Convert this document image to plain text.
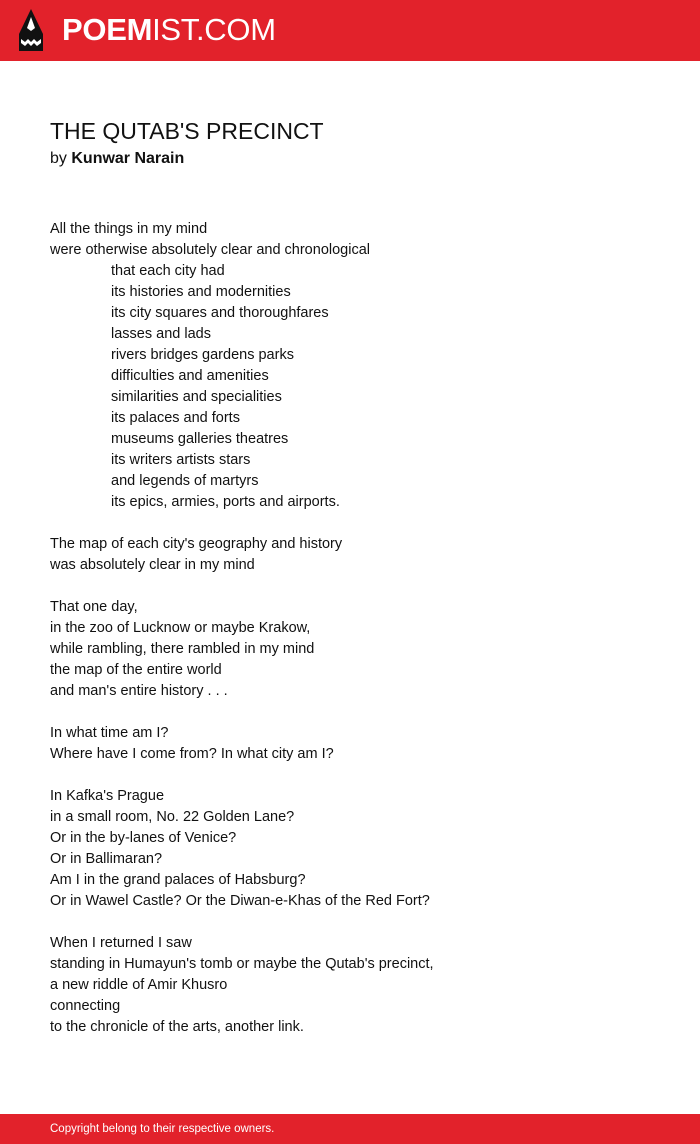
POEMIST.COM
THE QUTAB'S PRECINCT
by Kunwar Narain
All the things in my mind
were otherwise absolutely clear and chronological
that each city had
its histories and modernities
its city squares and thoroughfares
lasses and lads
rivers bridges gardens parks
difficulties and amenities
similarities and specialities
its palaces and forts
museums galleries theatres
its writers artists stars
and legends of martyrs
its epics, armies, ports and airports.
The map of each city's geography and history
was absolutely clear in my mind
That one day,
in the zoo of Lucknow or maybe Krakow,
while rambling, there rambled in my mind
the map of the entire world
and man's entire history . . .
In what time am I?
Where have I come from? In what city am I?
In Kafka's Prague
in a small room, No. 22 Golden Lane?
Or in the by-lanes of Venice?
Or in Ballimaran?
Am I in the grand palaces of Habsburg?
Or in Wawel Castle? Or the Diwan-e-Khas of the Red Fort?
When I returned I saw
standing in Humayun's tomb or maybe the Qutab's precinct,
a new riddle of Amir Khusro
connecting
to the chronicle of the arts, another link.
Copyright belong to their respective owners.
